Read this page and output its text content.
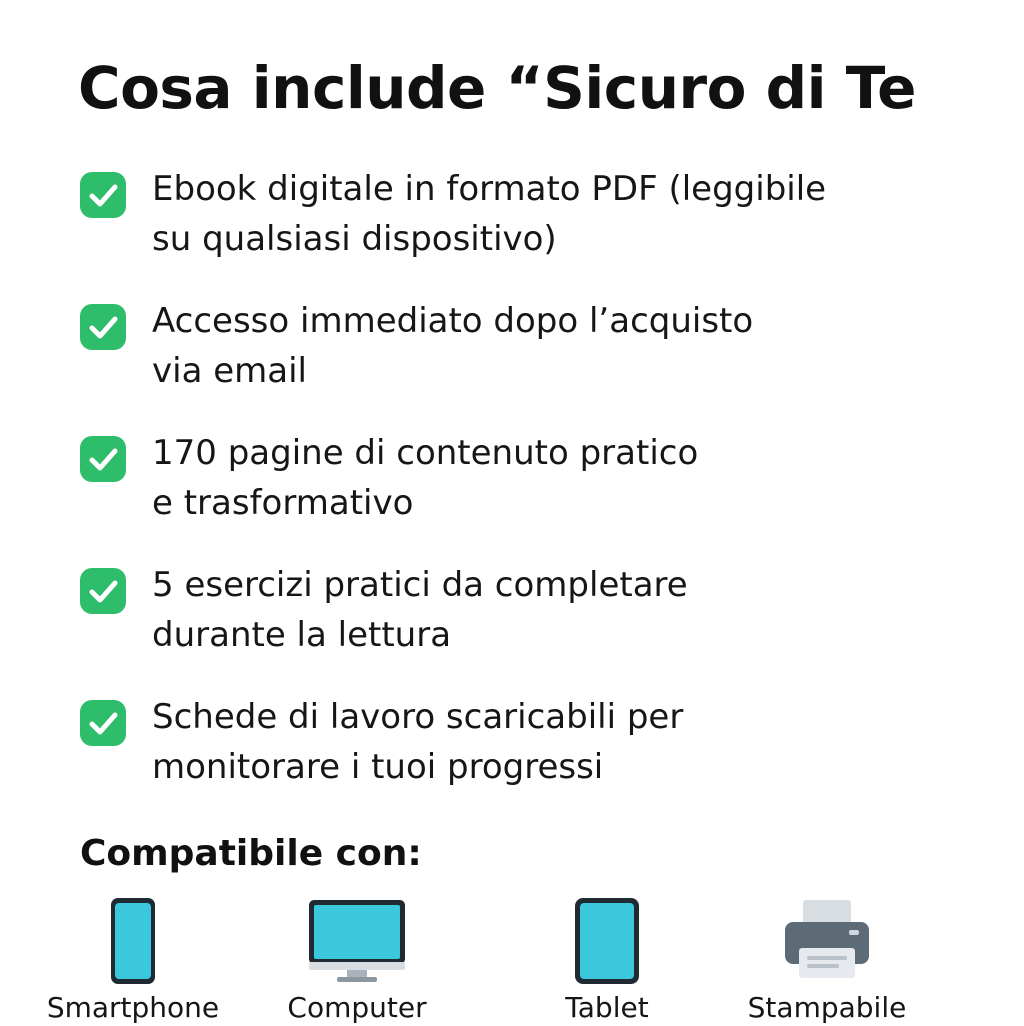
Cosa include “Sicuro di Te
Ebook digitale in formato PDF (leggibile
su qualsiasi dispositivo)
Accesso immediato dopo l’acquisto
via email
170 pagine di contenuto pratico
e trasformativo
5 esercizi pratici da completare
durante la lettura
Schede di lavoro scaricabili per
monitorare i tuoi progressi
Compatibile con:
Smartphone	Computer	Tablet	Stampabile
